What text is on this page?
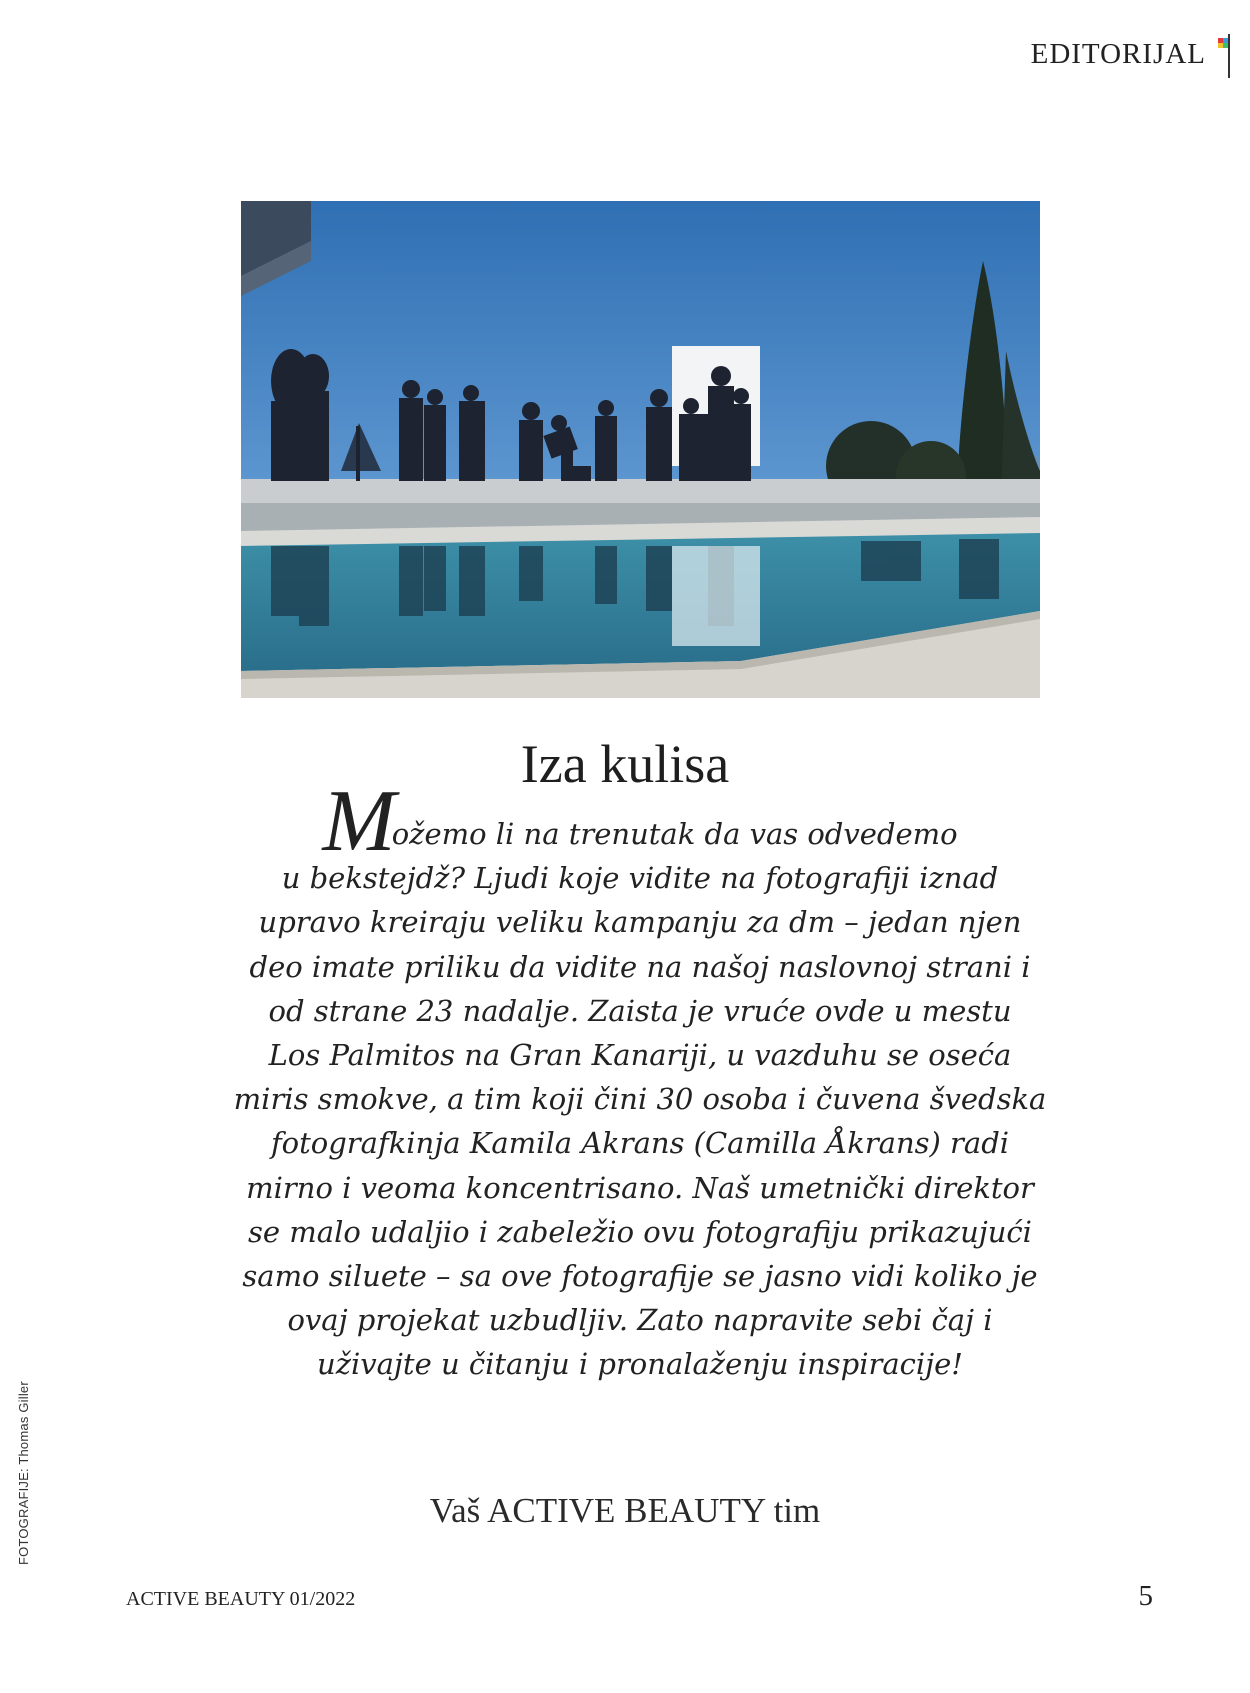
EDITORIJAL
Iza kulisa
Možemo li na trenutak da vas odvedemo
u bekstejdž? Ljudi koje vidite na fotografiji iznad
upravo kreiraju veliku kampanju za dm – jedan njen
deo imate priliku da vidite na našoj naslovnoj strani i
od strane 23 nadalje. Zaista je vruće ovde u mestu
Los Palmitos na Gran Kanariji, u vazduhu se oseća
miris smokve, a tim koji čini 30 osoba i čuvena švedska
fotografkinja Kamila Akrans (Camilla Åkrans) radi
mirno i veoma koncentrisano. Naš umetnički direktor
se malo udaljio i zabeležio ovu fotografiju prikazujući
samo siluete – sa ove fotografije se jasno vidi koliko je
ovaj projekat uzbudljiv. Zato napravite sebi čaj i
uživajte u čitanju i pronalaženju inspiracije!
Vaš ACTIVE BEAUTY tim
FOTOGRAFIJE: Thomas Giller
ACTIVE BEAUTY 01/2022	5
